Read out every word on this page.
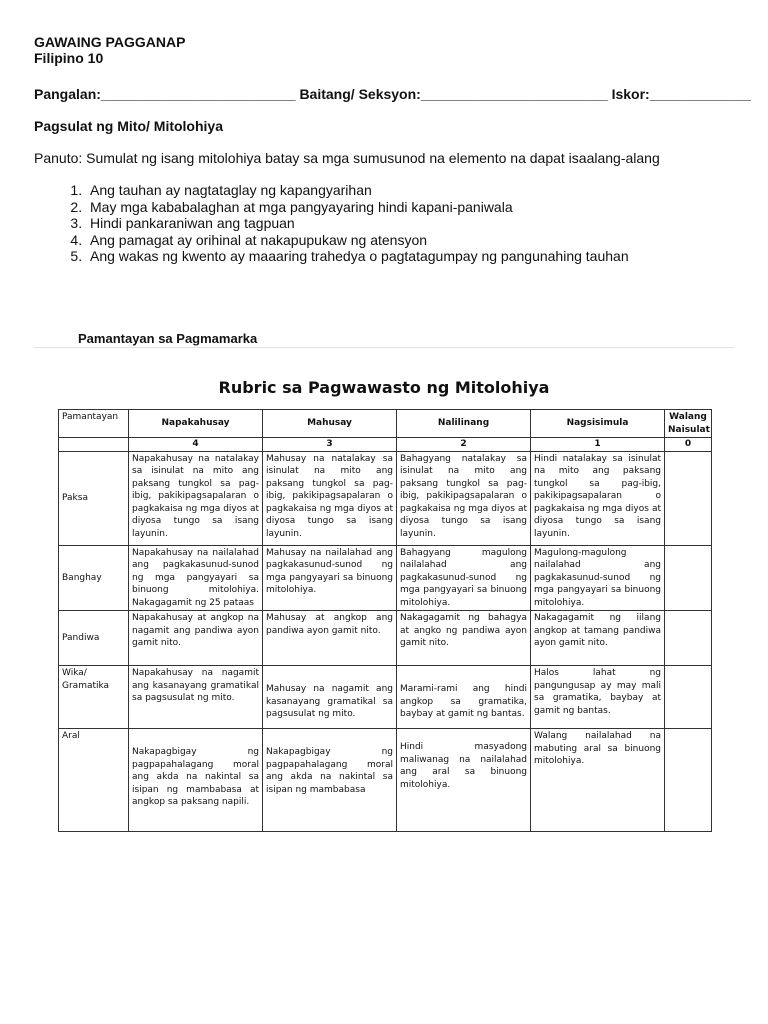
GAWAING PAGGANAP
Filipino 10
Pangalan:_________________________ Baitang/ Seksyon:________________________ Iskor:_____________
Pagsulat ng Mito/ Mitolohiya
Panuto: Sumulat ng isang mitolohiya batay sa mga sumusunod na elemento na dapat isaalang-alang
1. Ang tauhan ay nagtataglay ng kapangyarihan
2. May mga kababalaghan at mga pangyayaring hindi kapani-paniwala
3. Hindi pankaraniwan ang tagpuan
4. Ang pamagat ay orihinal at nakapupukaw ng atensyon
5. Ang wakas ng kwento ay maaaring trahedya o pagtatagumpay ng pangunahing tauhan
Pamantayan sa Pagmamarka
Rubric sa Pagwawasto ng Mitolohiya
Pamantayan	Napakahusay	Mahusay	Nalilinang	Nagsisimula	Walang Naisulat
	4	3	2	1	0
Paksa	Napakahusay na natalakay sa isinulat na mito ang paksang tungkol sa pag-ibig, pakikipagsapalaran o pagkakaisa ng mga diyos at diyosa tungo sa isang layunin.	Mahusay na natalakay sa isinulat na mito ang paksang tungkol sa pag-ibig, pakikipagsapalaran o pagkakaisa ng mga diyos at diyosa tungo sa isang layunin.	Bahagyang natalakay sa isinulat na mito ang paksang tungkol sa pag-ibig, pakikipagsapalaran o pagkakaisa ng mga diyos at diyosa tungo sa isang layunin.	Hindi natalakay sa isinulat na mito ang paksang tungkol sa pag-ibig, pakikipagsapalaran o pagkakaisa ng mga diyos at diyosa tungo sa isang layunin.	
Banghay	Napakahusay na nailalahad ang pagkakasunud-sunod ng mga pangyayari sa binuong mitolohiya. Nakagagamit ng 25 pataas	Mahusay na nailalahad ang pagkakasunud-sunod ng mga pangyayari sa binuong mitolohiya.	Bahagyang magulong nailalahad ang pagkakasunud-sunod ng mga pangyayari sa binuong mitolohiya.	Magulong-magulong nailalahad ang pagkakasunud-sunod ng mga pangyayari sa binuong mitolohiya.	
Pandiwa	Napakahusay at angkop na nagamit ang pandiwa ayon gamit nito.	Mahusay at angkop ang pandiwa ayon gamit nito.	Nakagagamit ng bahagya at angko ng pandiwa ayon gamit nito.	Nakagagamit ng iilang angkop at tamang pandiwa ayon gamit nito.	
Wika/ Gramatika	Napakahusay na nagamit ang kasanayang gramatikal sa pagsusulat ng mito.	Mahusay na nagamit ang kasanayang gramatikal sa pagsusulat ng mito.	Marami-rami ang hindi angkop sa gramatika, baybay at gamit ng bantas.	Halos lahat ng pangungusap ay may mali sa gramatika, baybay at gamit ng bantas.	
Aral	Nakapagbigay ng pagpapahalagang moral ang akda na nakintal sa isipan ng mambabasa at angkop sa paksang napili.	Nakapagbigay ng pagpapahalagang moral ang akda na nakintal sa isipan ng mambabasa	Hindi masyadong maliwanag na nailalahad ang aral sa binuong mitolohiya.	Walang nailalahad na mabuting aral sa binuong mitolohiya.	
